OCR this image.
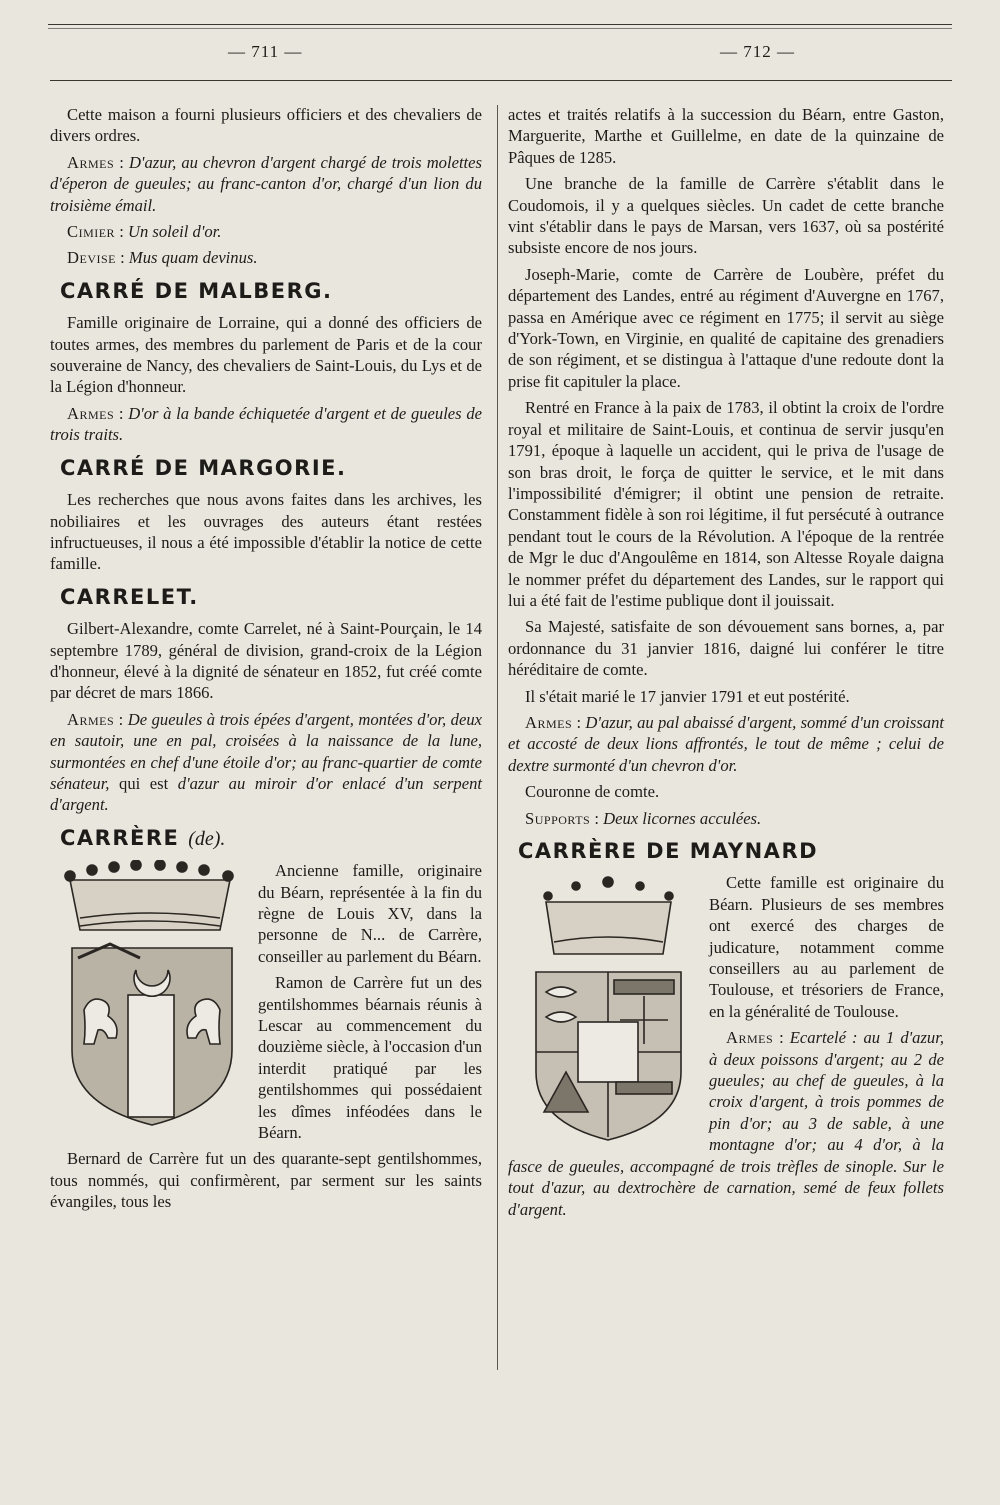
— 711 —	— 712 —

Cette maison a fourni plusieurs officiers et des chevaliers de divers ordres.

Armes : D'azur, au chevron d'argent chargé de trois molettes d'éperon de gueules; au franc-canton d'or, chargé d'un lion du troisième émail.

Cimier : Un soleil d'or.

Devise : Mus quam devinus.

CARRÉ DE MALBERG.

Famille originaire de Lorraine, qui a donné des officiers de toutes armes, des membres du parlement de Paris et de la cour souveraine de Nancy, des chevaliers de Saint-Louis, du Lys et de la Légion d'honneur.

Armes : D'or à la bande échiquetée d'argent et de gueules de trois traits.

CARRÉ DE MARGORIE.

Les recherches que nous avons faites dans les archives, les nobiliaires et les ouvrages des auteurs étant restées infructueuses, il nous a été impossible d'établir la notice de cette famille.

CARRELET.

Gilbert-Alexandre, comte Carrelet, né à Saint-Pourçain, le 14 septembre 1789, général de division, grand-croix de la Légion d'honneur, élevé à la dignité de sénateur en 1852, fut créé comte par décret de mars 1866.

Armes : De gueules à trois épées d'argent, montées d'or, deux en sautoir, une en pal, croisées à la naissance de la lune, surmontées en chef d'une étoile d'or; au franc-quartier de comte sénateur, qui est d'azur au miroir d'or enlacé d'un serpent d'argent.

CARRÈRE (de).

Ancienne famille, originaire du Béarn, représentée à la fin du règne de Louis XV, dans la personne de N... de Carrère, conseiller au parlement du Béarn.

Ramon de Carrère fut un des gentilshommes béarnais réunis à Lescar au commencement du douzième siècle, à l'occasion d'un interdit pratiqué par les gentilshommes qui possédaient les dîmes inféodées dans le Béarn.

Bernard de Carrère fut un des quarante-sept gentilshommes, tous nommés, qui confirmèrent, par serment sur les saints évangiles, tous les

actes et traités relatifs à la succession du Béarn, entre Gaston, Marguerite, Marthe et Guillelme, en date de la quinzaine de Pâques de 1285.

Une branche de la famille de Carrère s'établit dans le Coudomois, il y a quelques siècles. Un cadet de cette branche vint s'établir dans le pays de Marsan, vers 1637, où sa postérité subsiste encore de nos jours.

Joseph-Marie, comte de Carrère de Loubère, préfet du département des Landes, entré au régiment d'Auvergne en 1767, passa en Amérique avec ce régiment en 1775; il servit au siège d'York-Town, en Virginie, en qualité de capitaine des grenadiers de son régiment, et se distingua à l'attaque d'une redoute dont la prise fit capituler la place.

Rentré en France à la paix de 1783, il obtint la croix de l'ordre royal et militaire de Saint-Louis, et continua de servir jusqu'en 1791, époque à laquelle un accident, qui le priva de l'usage de son bras droit, le força de quitter le service, et le mit dans l'impossibilité d'émigrer; il obtint une pension de retraite. Constamment fidèle à son roi légitime, il fut persécuté à outrance pendant tout le cours de la Révolution. A l'époque de la rentrée de Mgr le duc d'Angoulême en 1814, son Altesse Royale daigna le nommer préfet du département des Landes, sur le rapport qui lui a été fait de l'estime publique dont il jouissait.

Sa Majesté, satisfaite de son dévouement sans bornes, a, par ordonnance du 31 janvier 1816, daigné lui conférer le titre héréditaire de comte.

Il s'était marié le 17 janvier 1791 et eut postérité.

Armes : D'azur, au pal abaissé d'argent, sommé d'un croissant et accosté de deux lions affrontés, le tout de même ; celui de dextre surmonté d'un chevron d'or.

Couronne de comte.

Supports : Deux licornes acculées.

CARRÈRE DE MAYNARD

Cette famille est originaire du Béarn. Plusieurs de ses membres ont exercé des charges de judicature, notamment comme conseillers au au parlement de Toulouse, et trésoriers de France, en la généralité de Toulouse.

Armes : Ecartelé : au 1 d'azur, à deux poissons d'argent; au 2 de gueules; au chef de gueules, à la croix d'argent, à trois pommes de pin d'or; au 3 de sable, à une montagne d'or; au 4 d'or, à la fasce de gueules, accompagné de trois trèfles de sinople. Sur le tout d'azur, au dextrochère de carnation, semé de feux follets d'argent.
